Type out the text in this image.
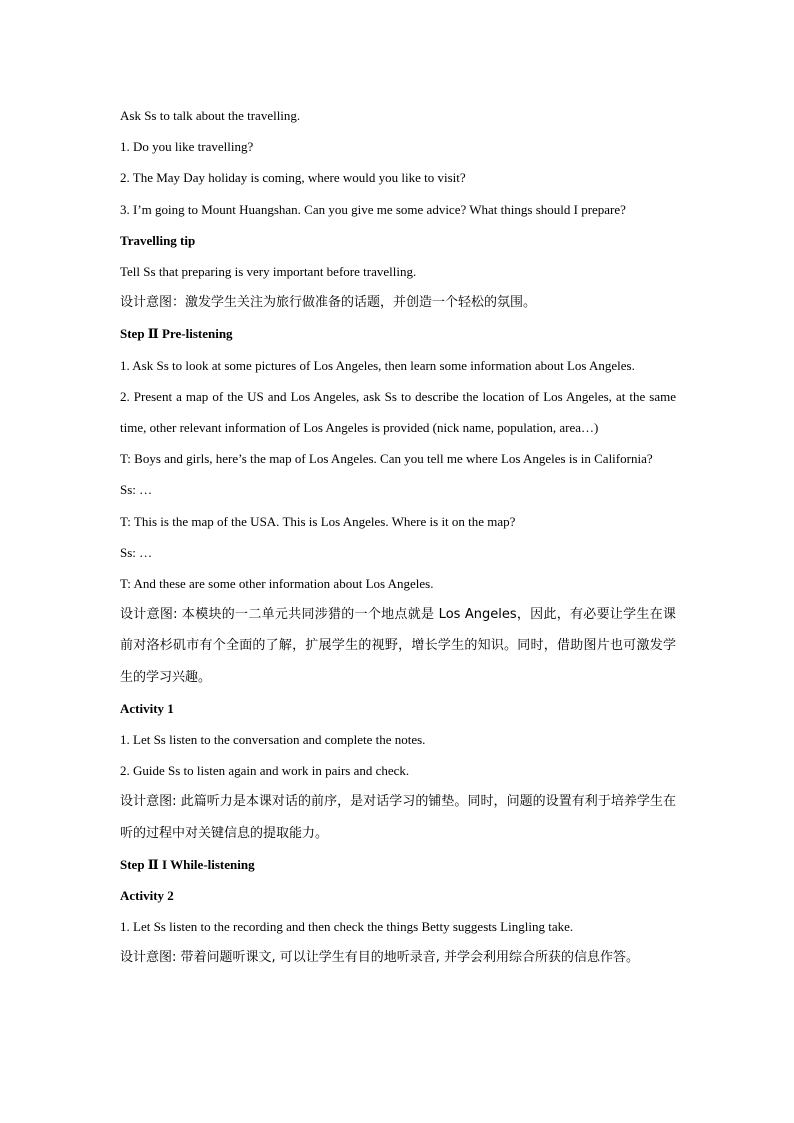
Ask Ss to talk about the travelling.

1. Do you like travelling?

2. The May Day holiday is coming, where would you like to visit?

3. I’m going to Mount Huangshan. Can you give me some advice? What things should I prepare?

Travelling tip

Tell Ss that preparing is very important before travelling.

设计意图：激发学生关注为旅行做准备的话题，并创造一个轻松的氛围。

Step Ⅱ Pre-listening

1. Ask Ss to look at some pictures of Los Angeles, then learn some information about Los Angeles.

2. Present a map of the US and Los Angeles, ask Ss to describe the location of Los Angeles, at the same time, other relevant information of Los Angeles is provided (nick name, population, area…)

T: Boys and girls, here’s the map of Los Angeles. Can you tell me where Los Angeles is in California?

Ss: …

T: This is the map of the USA. This is Los Angeles. Where is it on the map?

Ss: …

T: And these are some other information about Los Angeles.

设计意图: 本模块的一二单元共同涉猎的一个地点就是 Los Angeles，因此，有必要让学生在课前对洛杉矶市有个全面的了解，扩展学生的视野，增长学生的知识。同时，借助图片也可激发学生的学习兴趣。

Activity 1

1. Let Ss listen to the conversation and complete the notes.

2. Guide Ss to listen again and work in pairs and check.

设计意图: 此篇听力是本课对话的前序，是对话学习的铺垫。同时，问题的设置有利于培养学生在听的过程中对关键信息的提取能力。

Step Ⅱ I While-listening

Activity 2

1. Let Ss listen to the recording and then check the things Betty suggests Lingling take.

设计意图: 带着问题听课文, 可以让学生有目的地听录音, 并学会利用综合所获的信息作答。
